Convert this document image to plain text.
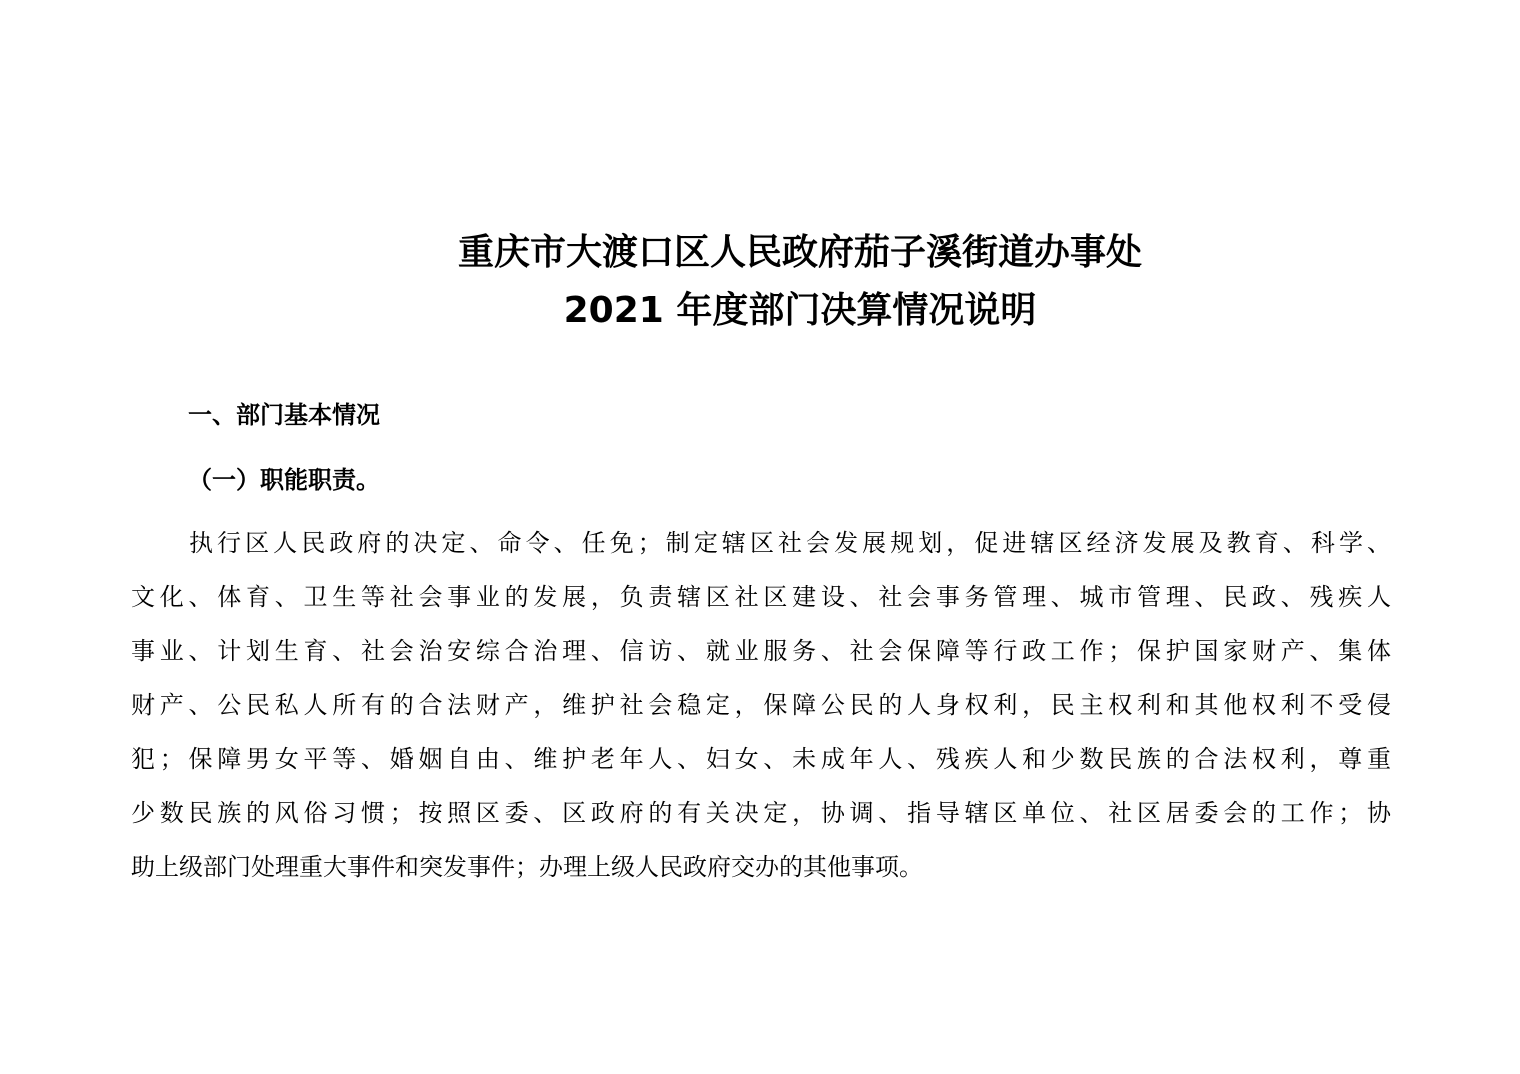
重庆市大渡口区人民政府茄子溪街道办事处
2021 年度部门决算情况说明
一、部门基本情况
（一）职能职责。
执行区人民政府的决定、命令、任免；制定辖区社会发展规划，促进辖区经济发展及教育、科学、
文化、体育、卫生等社会事业的发展，负责辖区社区建设、社会事务管理、城市管理、民政、残疾人
事业、计划生育、社会治安综合治理、信访、就业服务、社会保障等行政工作；保护国家财产、集体
财产、公民私人所有的合法财产，维护社会稳定，保障公民的人身权利，民主权利和其他权利不受侵
犯；保障男女平等、婚姻自由、维护老年人、妇女、未成年人、残疾人和少数民族的合法权利，尊重
少数民族的风俗习惯；按照区委、区政府的有关决定，协调、指导辖区单位、社区居委会的工作；协
助上级部门处理重大事件和突发事件；办理上级人民政府交办的其他事项。
